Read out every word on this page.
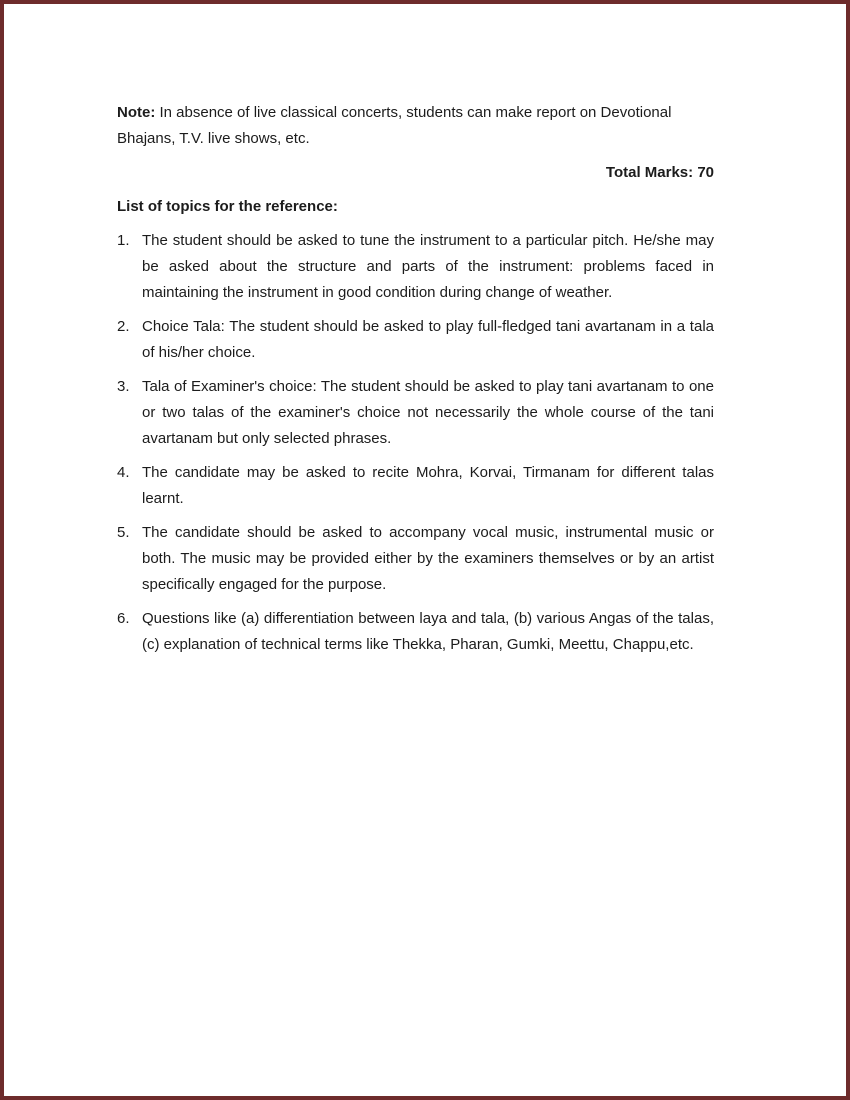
Note: In absence of live classical concerts, students can make report on Devotional Bhajans, T.V. live shows, etc.

Total Marks: 70

List of topics for the reference:

1. The student should be asked to tune the instrument to a particular pitch. He/she may be asked about the structure and parts of the instrument: problems faced in maintaining the instrument in good condition during change of weather.

2. Choice Tala: The student should be asked to play full-fledged tani avartanam in a tala of his/her choice.

3. Tala of Examiner's choice: The student should be asked to play tani avartanam to one or two talas of the examiner's choice not necessarily the whole course of the tani avartanam but only selected phrases.

4. The candidate may be asked to recite Mohra, Korvai, Tirmanam for different talas learnt.

5. The candidate should be asked to accompany vocal music, instrumental music or both. The music may be provided either by the examiners themselves or by an artist specifically engaged for the purpose.

6. Questions like (a) differentiation between laya and tala, (b) various Angas of the talas, (c) explanation of technical terms like Thekka, Pharan, Gumki, Meettu, Chappu,etc.
